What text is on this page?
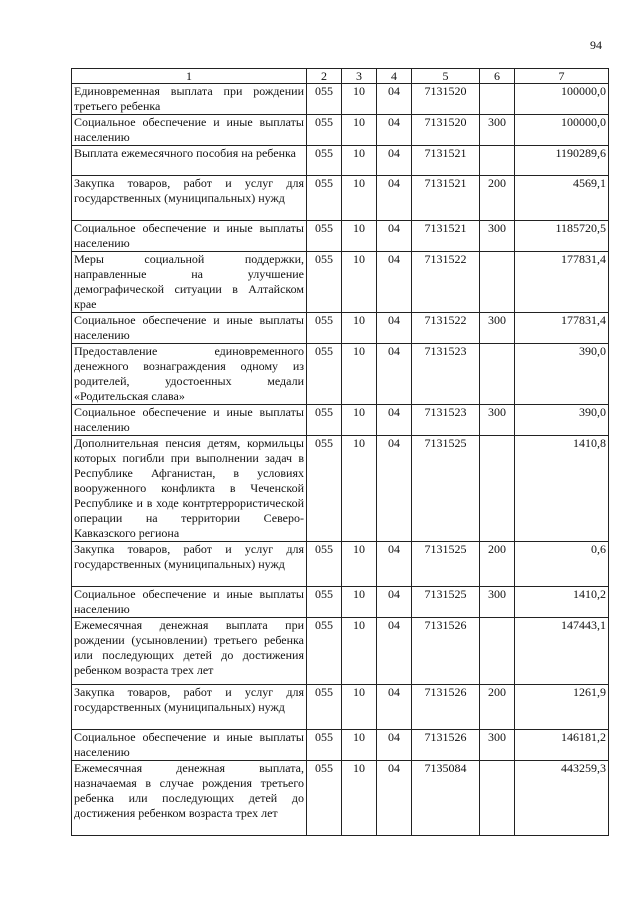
94
1	2	3	4	5	6	7
Единовременная выплата при рождении третьего ребенка	055	10	04	7131520		100000,0
Социальное обеспечение и иные выплаты населению	055	10	04	7131520	300	100000,0
Выплата ежемесячного пособия на ребенка	055	10	04	7131521		1190289,6
Закупка товаров, работ и услуг для государственных (муниципальных) нужд	055	10	04	7131521	200	4569,1
Социальное обеспечение и иные выплаты населению	055	10	04	7131521	300	1185720,5
Меры социальной поддержки, направленные на улучшение демографической ситуации в Алтайском крае	055	10	04	7131522		177831,4
Социальное обеспечение и иные выплаты населению	055	10	04	7131522	300	177831,4
Предоставление единовременного денежного вознаграждения одному из родителей, удостоенных медали «Родительская слава»	055	10	04	7131523		390,0
Социальное обеспечение и иные выплаты населению	055	10	04	7131523	300	390,0
Дополнительная пенсия детям, кормильцы которых погибли при выполнении задач в Республике Афганистан, в условиях вооруженного конфликта в Чеченской Республике и в ходе контртеррористической операции на территории Северо-Кавказского региона	055	10	04	7131525		1410,8
Закупка товаров, работ и услуг для государственных (муниципальных) нужд	055	10	04	7131525	200	0,6
Социальное обеспечение и иные выплаты населению	055	10	04	7131525	300	1410,2
Ежемесячная денежная выплата при рождении (усыновлении) третьего ребенка или последующих детей до достижения ребенком возраста трех лет	055	10	04	7131526		147443,1
Закупка товаров, работ и услуг для государственных (муниципальных) нужд	055	10	04	7131526	200	1261,9
Социальное обеспечение и иные выплаты населению	055	10	04	7131526	300	146181,2
Ежемесячная денежная выплата, назначаемая в случае рождения третьего ребенка или последующих детей до достижения ребенком возраста трех лет	055	10	04	7135084		443259,3
